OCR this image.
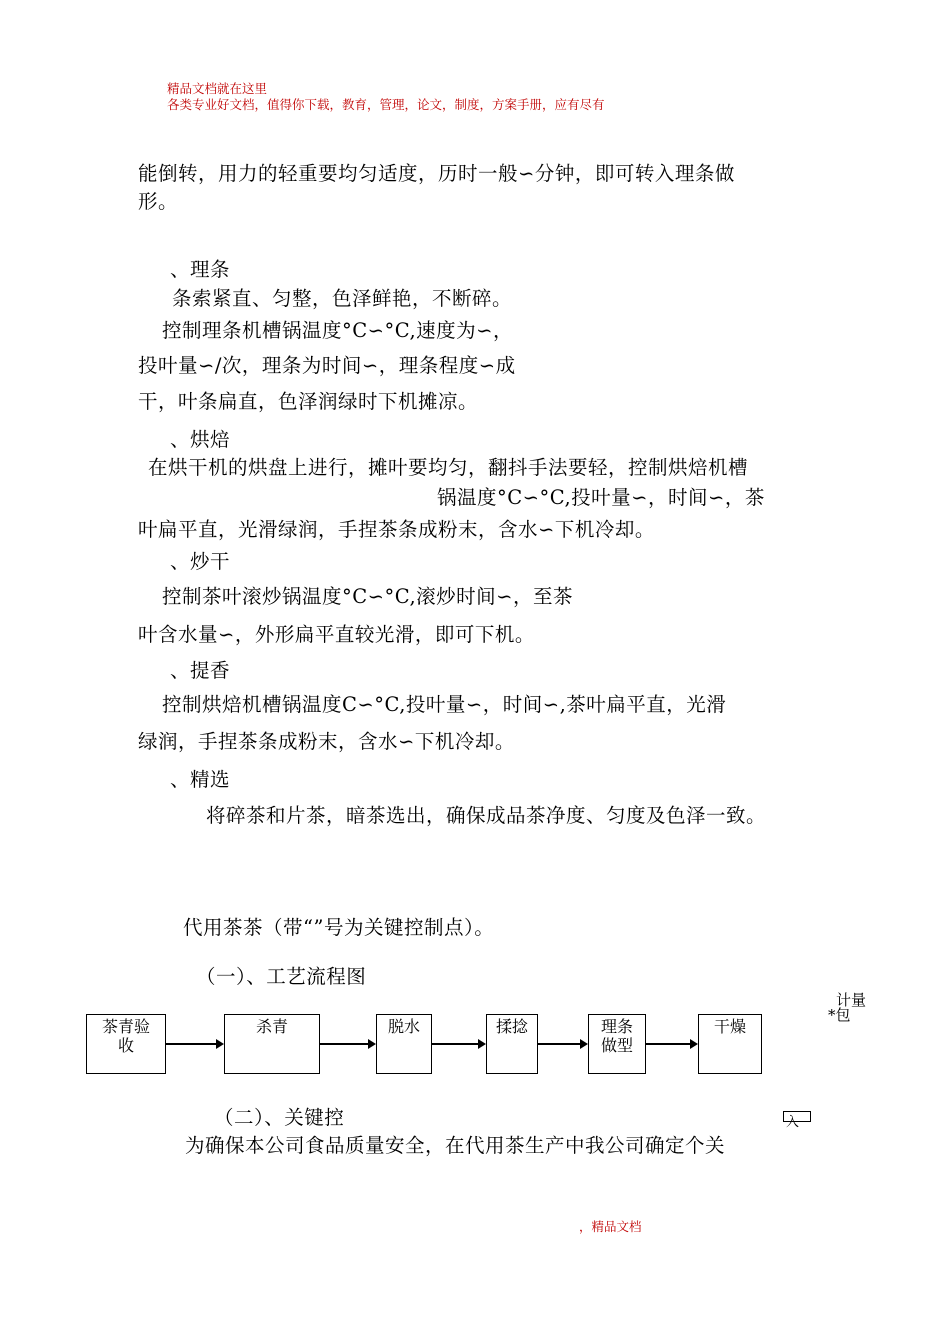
精品文档就在这里
各类专业好文档，值得你下载，教育，管理，论文，制度，方案手册，应有尽有
能倒转，用力的轻重要均匀适度，历时一般∽分钟，即可转入理条做
形。
、理条
条索紧直、匀整，色泽鲜艳，不断碎。
控制理条机槽锅温度°C∽°C,速度为∽，
投叶量∽/次，理条为时间∽，理条程度∽成
干，叶条扁直，色泽润绿时下机摊凉。
、烘焙
在烘干机的烘盘上进行，摊叶要均匀，翻抖手法要轻，控制烘焙机槽
锅温度°C∽°C,投叶量∽，时间∽，茶
叶扁平直，光滑绿润，手捏茶条成粉末，含水∽下机冷却。
、炒干
控制茶叶滚炒锅温度°C∽°C,滚炒时间∽，至茶
叶含水量∽，外形扁平直较光滑，即可下机。
、提香
控制烘焙机槽锅温度C∽°C,投叶量∽，时间∽,茶叶扁平直，光滑
绿润，手捏茶条成粉末，含水∽下机冷却。
、精选
将碎茶和片茶，暗茶选出，确保成品茶净度、匀度及色泽一致。
代用茶茶（带“”号为关键控制点）。
（一）、工艺流程图
茶青验收
杀青	脱水	揉捻	理条做型
干燥
计量
*包
（二）、关键控	入
为确保本公司食品质量安全，在代用茶生产中我公司确定个关
，精品文档
